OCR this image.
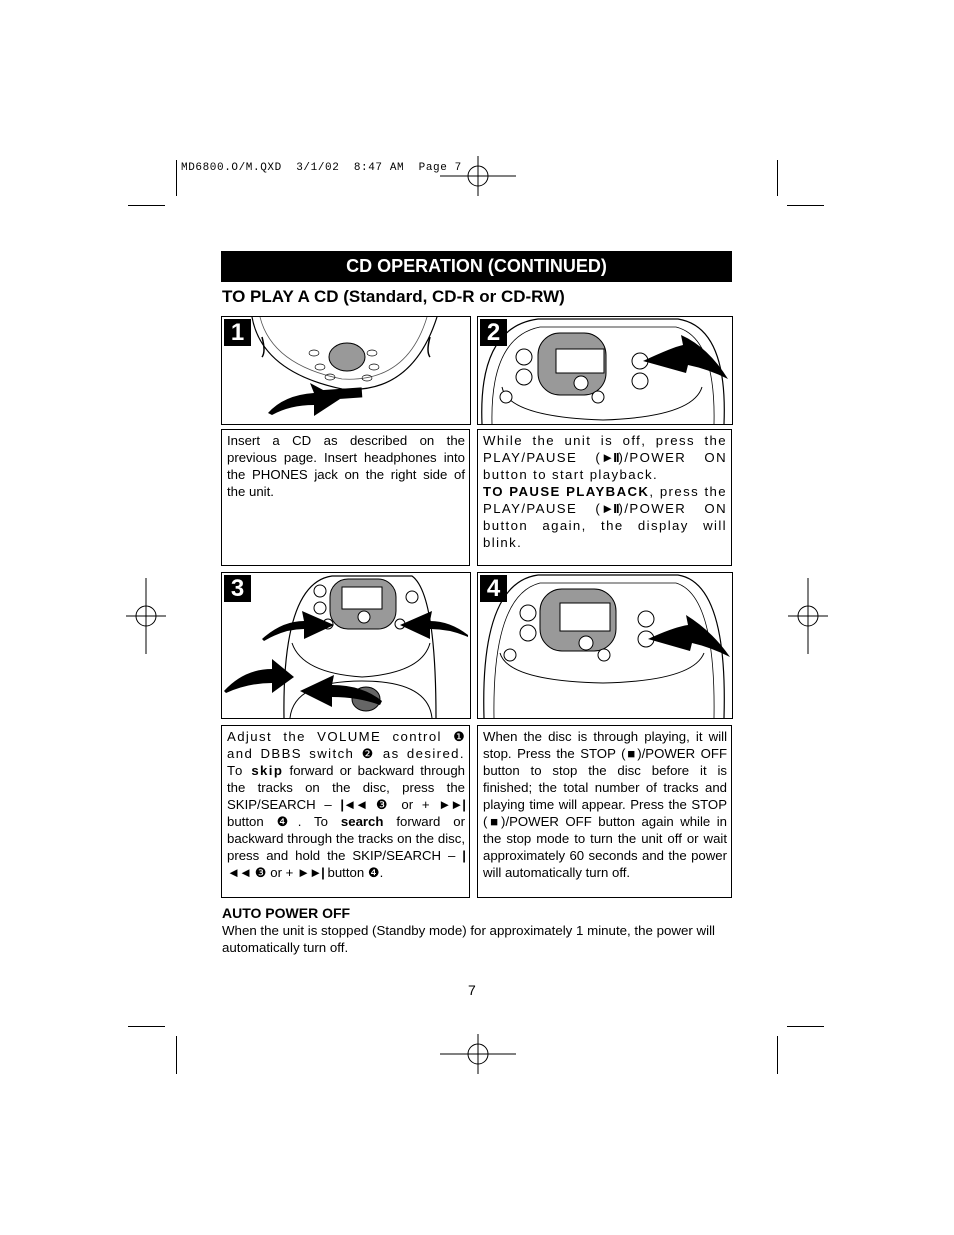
MD6800.O/M.QXD  3/1/02  8:47 AM  Page 7
CD OPERATION (CONTINUED)
TO PLAY A CD (Standard, CD-R or CD-RW)
1	2

Insert a CD as described on the previous page. Insert headphones into the PHONES jack on the right side of the unit.

While the unit is off, press the PLAY/PAUSE (►II)/POWER ON button to start playback.

TO PAUSE PLAYBACK, press the PLAY/PAUSE (►II)/POWER ON button again, the display will blink.

3	4

Adjust the VOLUME control ❶ and DBBS switch ❷ as desired. To skip forward or backward through the tracks on the disc, press the SKIP/SEARCH – |◄◄ ❸ or + ►►| button ❹. To search forward or backward through the tracks on the disc, press and hold the SKIP/SEARCH – |◄◄ ❸ or + ►►| button ❹.

When the disc is through playing, it will stop. Press the STOP (■)/POWER OFF button to stop the disc before it is finished; the total number of tracks and playing time will appear. Press the STOP (■)/POWER OFF button again while in the stop mode to turn the unit off or wait approximately 60 seconds and the power will automatically turn off.

AUTO POWER OFF
When the unit is stopped (Standby mode) for approximately 1 minute, the power will automatically turn off.
7
